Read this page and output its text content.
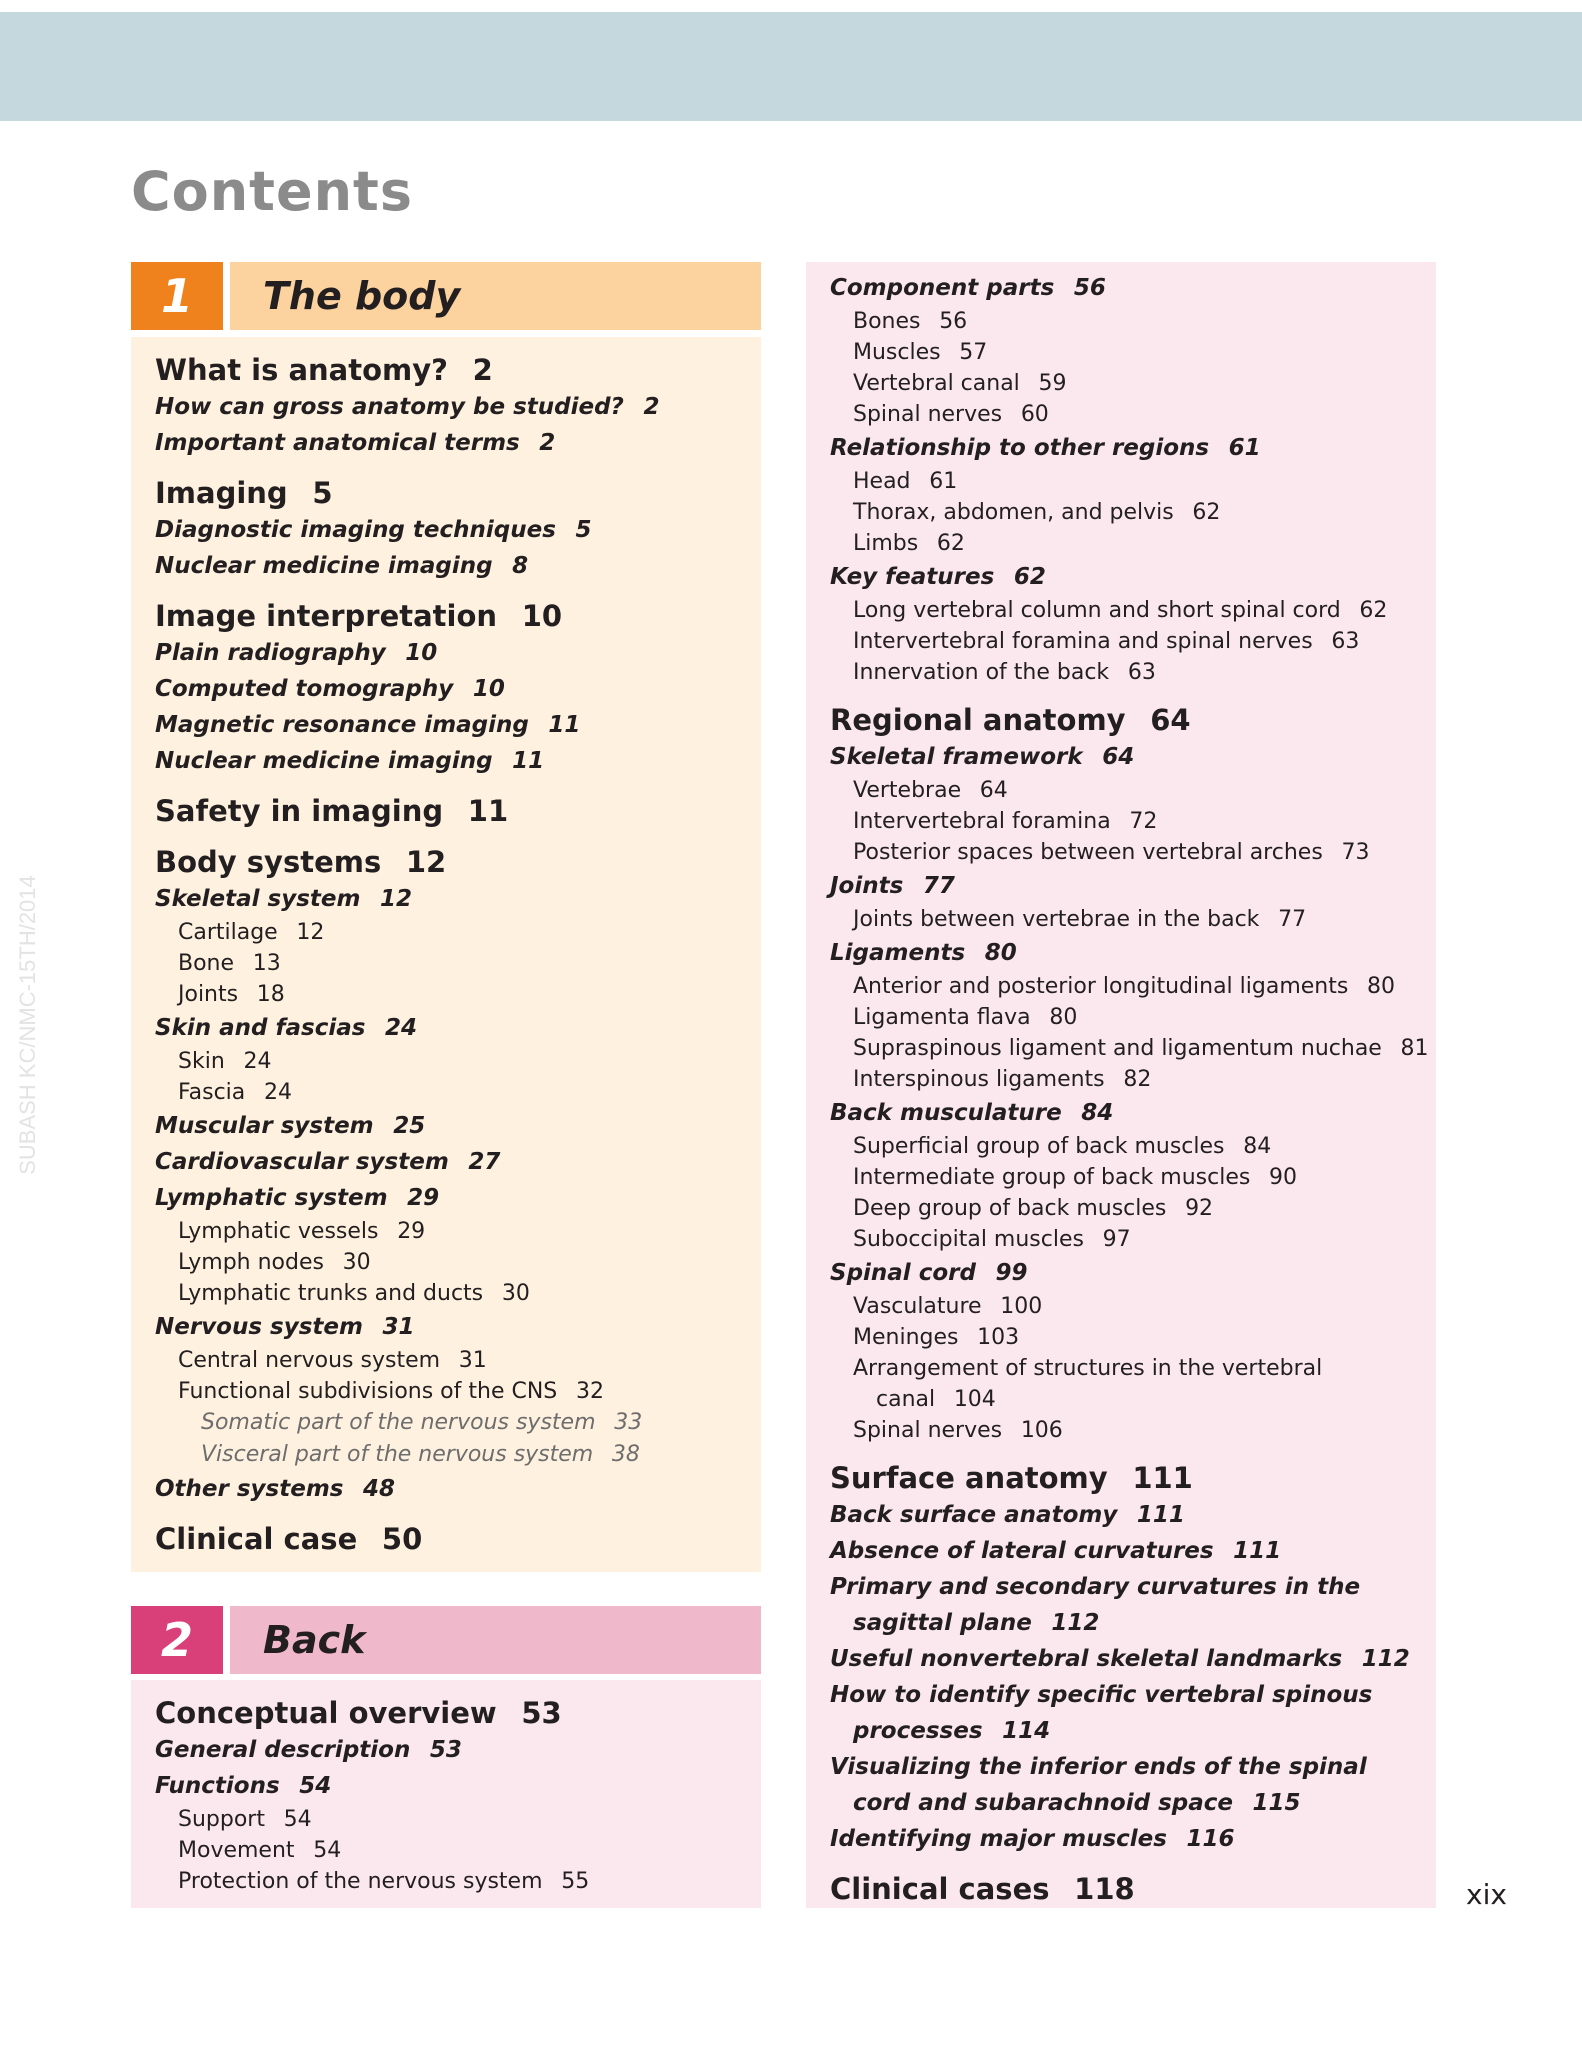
Contents
SUBASH KC/NMC-15TH/2014
1	The body
What is anatomy? 2
How can gross anatomy be studied? 2
Important anatomical terms 2
Imaging 5
Diagnostic imaging techniques 5
Nuclear medicine imaging 8
Image interpretation 10
Plain radiography 10
Computed tomography 10
Magnetic resonance imaging 11
Nuclear medicine imaging 11
Safety in imaging 11
Body systems 12
Skeletal system 12
Cartilage 12
Bone 13
Joints 18
Skin and fascias 24
Skin 24
Fascia 24
Muscular system 25
Cardiovascular system 27
Lymphatic system 29
Lymphatic vessels 29
Lymph nodes 30
Lymphatic trunks and ducts 30
Nervous system 31
Central nervous system 31
Functional subdivisions of the CNS 32
Somatic part of the nervous system 33
Visceral part of the nervous system 38
Other systems 48
Clinical case 50
2	Back
Conceptual overview 53
General description 53
Functions 54
Support 54
Movement 54
Protection of the nervous system 55
Component parts 56
Bones 56
Muscles 57
Vertebral canal 59
Spinal nerves 60
Relationship to other regions 61
Head 61
Thorax, abdomen, and pelvis 62
Limbs 62
Key features 62
Long vertebral column and short spinal cord 62
Intervertebral foramina and spinal nerves 63
Innervation of the back 63
Regional anatomy 64
Skeletal framework 64
Vertebrae 64
Intervertebral foramina 72
Posterior spaces between vertebral arches 73
Joints 77
Joints between vertebrae in the back 77
Ligaments 80
Anterior and posterior longitudinal ligaments 80
Ligamenta flava 80
Supraspinous ligament and ligamentum nuchae 81
Interspinous ligaments 82
Back musculature 84
Superficial group of back muscles 84
Intermediate group of back muscles 90
Deep group of back muscles 92
Suboccipital muscles 97
Spinal cord 99
Vasculature 100
Meninges 103
Arrangement of structures in the vertebral canal 104
Spinal nerves 106
Surface anatomy 111
Back surface anatomy 111
Absence of lateral curvatures 111
Primary and secondary curvatures in the sagittal plane 112
Useful nonvertebral skeletal landmarks 112
How to identify specific vertebral spinous processes 114
Visualizing the inferior ends of the spinal cord and subarachnoid space 115
Identifying major muscles 116
Clinical cases 118	xix
